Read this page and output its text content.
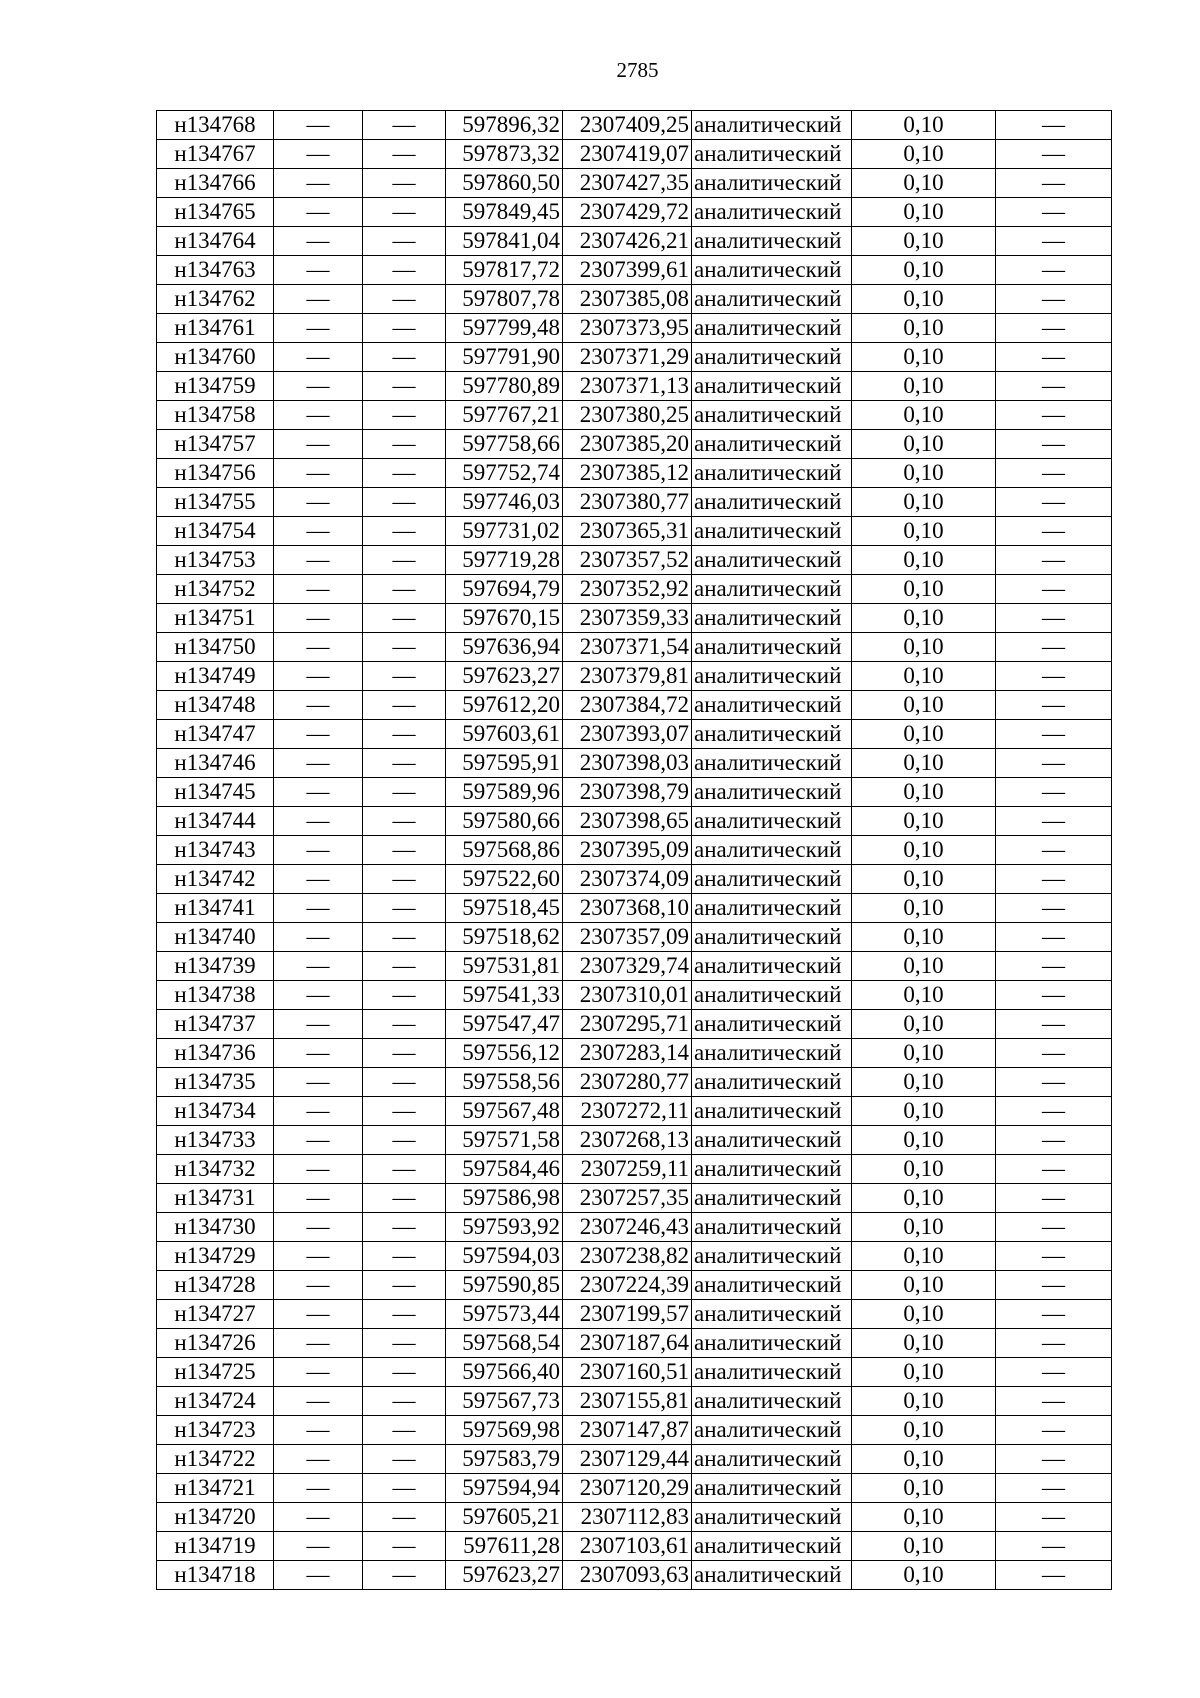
2785
н134768	—	—	597896,32	2307409,25	аналитический	0,10	—
н134767	—	—	597873,32	2307419,07	аналитический	0,10	—
н134766	—	—	597860,50	2307427,35	аналитический	0,10	—
н134765	—	—	597849,45	2307429,72	аналитический	0,10	—
н134764	—	—	597841,04	2307426,21	аналитический	0,10	—
н134763	—	—	597817,72	2307399,61	аналитический	0,10	—
н134762	—	—	597807,78	2307385,08	аналитический	0,10	—
н134761	—	—	597799,48	2307373,95	аналитический	0,10	—
н134760	—	—	597791,90	2307371,29	аналитический	0,10	—
н134759	—	—	597780,89	2307371,13	аналитический	0,10	—
н134758	—	—	597767,21	2307380,25	аналитический	0,10	—
н134757	—	—	597758,66	2307385,20	аналитический	0,10	—
н134756	—	—	597752,74	2307385,12	аналитический	0,10	—
н134755	—	—	597746,03	2307380,77	аналитический	0,10	—
н134754	—	—	597731,02	2307365,31	аналитический	0,10	—
н134753	—	—	597719,28	2307357,52	аналитический	0,10	—
н134752	—	—	597694,79	2307352,92	аналитический	0,10	—
н134751	—	—	597670,15	2307359,33	аналитический	0,10	—
н134750	—	—	597636,94	2307371,54	аналитический	0,10	—
н134749	—	—	597623,27	2307379,81	аналитический	0,10	—
н134748	—	—	597612,20	2307384,72	аналитический	0,10	—
н134747	—	—	597603,61	2307393,07	аналитический	0,10	—
н134746	—	—	597595,91	2307398,03	аналитический	0,10	—
н134745	—	—	597589,96	2307398,79	аналитический	0,10	—
н134744	—	—	597580,66	2307398,65	аналитический	0,10	—
н134743	—	—	597568,86	2307395,09	аналитический	0,10	—
н134742	—	—	597522,60	2307374,09	аналитический	0,10	—
н134741	—	—	597518,45	2307368,10	аналитический	0,10	—
н134740	—	—	597518,62	2307357,09	аналитический	0,10	—
н134739	—	—	597531,81	2307329,74	аналитический	0,10	—
н134738	—	—	597541,33	2307310,01	аналитический	0,10	—
н134737	—	—	597547,47	2307295,71	аналитический	0,10	—
н134736	—	—	597556,12	2307283,14	аналитический	0,10	—
н134735	—	—	597558,56	2307280,77	аналитический	0,10	—
н134734	—	—	597567,48	2307272,11	аналитический	0,10	—
н134733	—	—	597571,58	2307268,13	аналитический	0,10	—
н134732	—	—	597584,46	2307259,11	аналитический	0,10	—
н134731	—	—	597586,98	2307257,35	аналитический	0,10	—
н134730	—	—	597593,92	2307246,43	аналитический	0,10	—
н134729	—	—	597594,03	2307238,82	аналитический	0,10	—
н134728	—	—	597590,85	2307224,39	аналитический	0,10	—
н134727	—	—	597573,44	2307199,57	аналитический	0,10	—
н134726	—	—	597568,54	2307187,64	аналитический	0,10	—
н134725	—	—	597566,40	2307160,51	аналитический	0,10	—
н134724	—	—	597567,73	2307155,81	аналитический	0,10	—
н134723	—	—	597569,98	2307147,87	аналитический	0,10	—
н134722	—	—	597583,79	2307129,44	аналитический	0,10	—
н134721	—	—	597594,94	2307120,29	аналитический	0,10	—
н134720	—	—	597605,21	2307112,83	аналитический	0,10	—
н134719	—	—	597611,28	2307103,61	аналитический	0,10	—
н134718	—	—	597623,27	2307093,63	аналитический	0,10	—
